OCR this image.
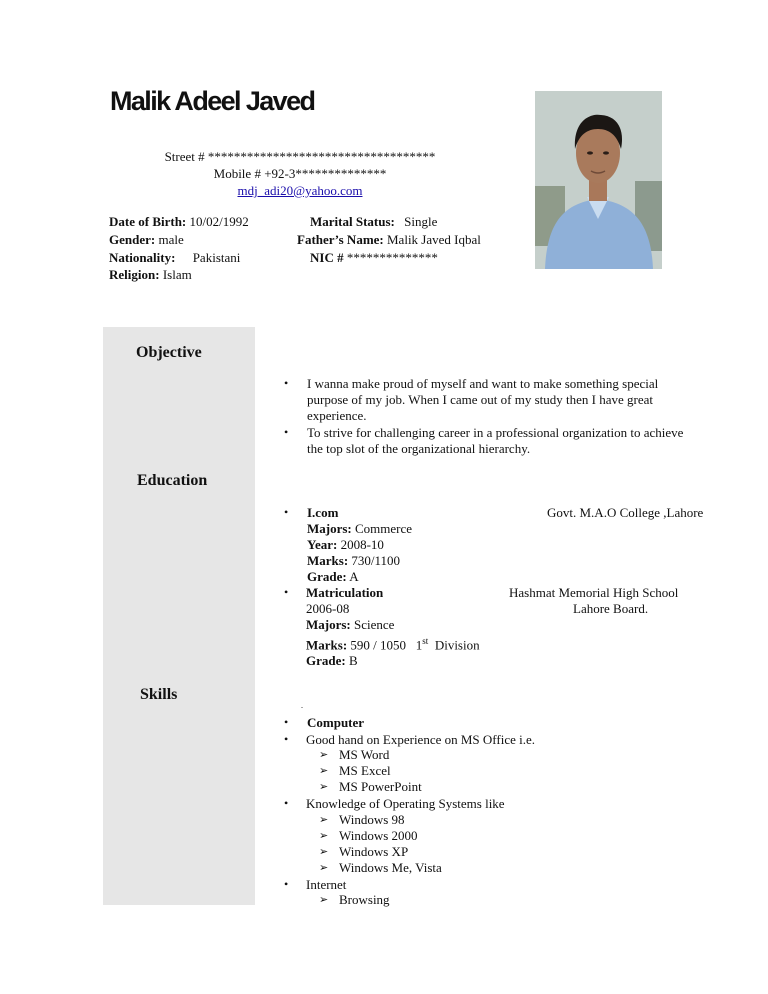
Malik Adeel Javed
Street # ***********************************
Mobile # +92-3**************
mdj_adi20@yahoo.com
Date of Birth: 10/02/1992	Marital Status: Single
Gender: male	Father’s Name: Malik Javed Iqbal
Nationality: Pakistani	NIC # **************
Religion: Islam
Objective
Education
Skills
• I wanna make proud of myself and want to make something special
purpose of my job. When I came out of my study then I have great
experience.
• To strive for challenging career in a professional organization to achieve
the top slot of the organizational hierarchy.
• I.com
Majors: Commerce
Year: 2008-10
Marks: 730/1100
Grade: A
Govt. M.A.O College ,Lahore
• Matriculation
2006-08
Majors: Science
Marks: 590 / 1050 1st Division
Grade: B
Hashmat Memorial High School
Lahore Board.
.
• Computer
• Good hand on Experience on MS Office i.e.
➢ MS Word
➢ MS Excel
➢ MS PowerPoint
• Knowledge of Operating Systems like
➢ Windows 98
➢ Windows 2000
➢ Windows XP
➢ Windows Me, Vista
• Internet
➢ Browsing
